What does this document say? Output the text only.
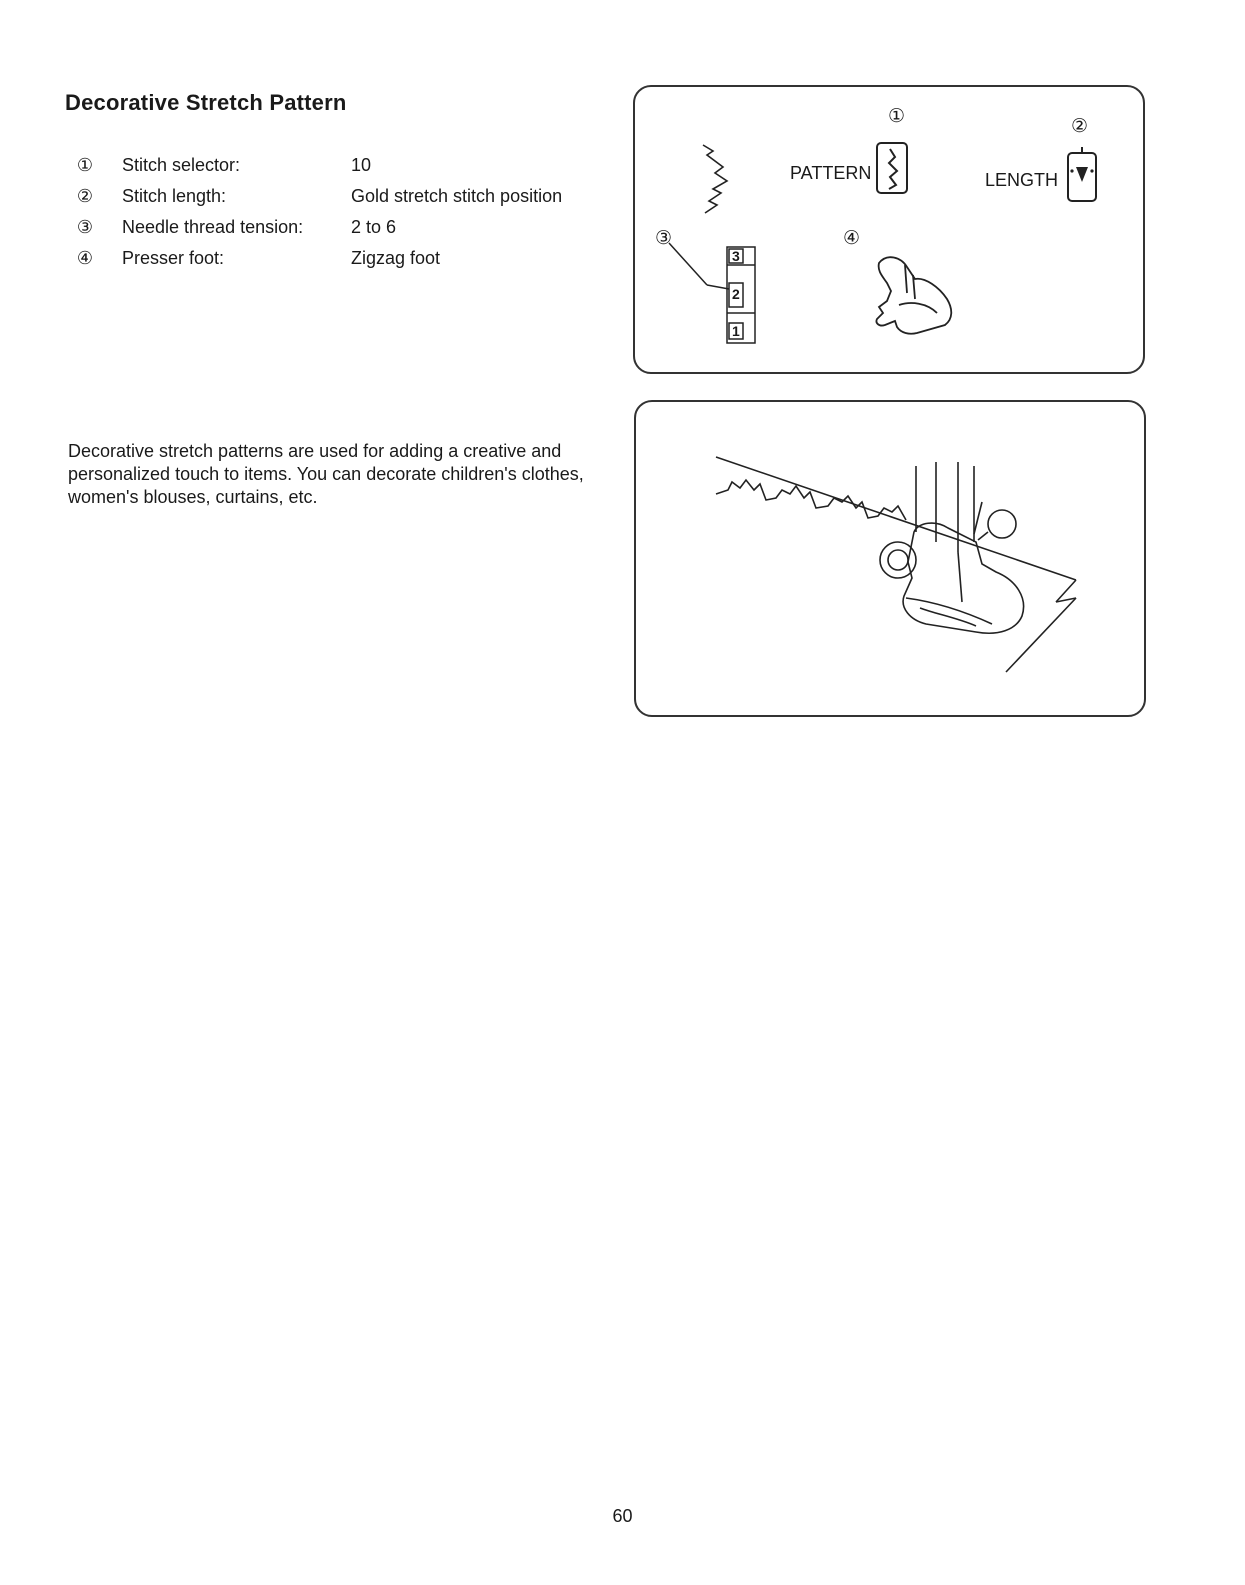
Decorative Stretch Pattern
① Stitch selector:	10
② Stitch length:	Gold stretch stitch position
③ Needle thread tension:	2 to 6
④ Presser foot:	Zigzag foot
Decorative stretch patterns are used for adding a creative and personalized touch to items. You can decorate children's clothes, women's blouses, curtains, etc.
①	②
③	④
PATTERN	LENGTH
3
2
1
60
